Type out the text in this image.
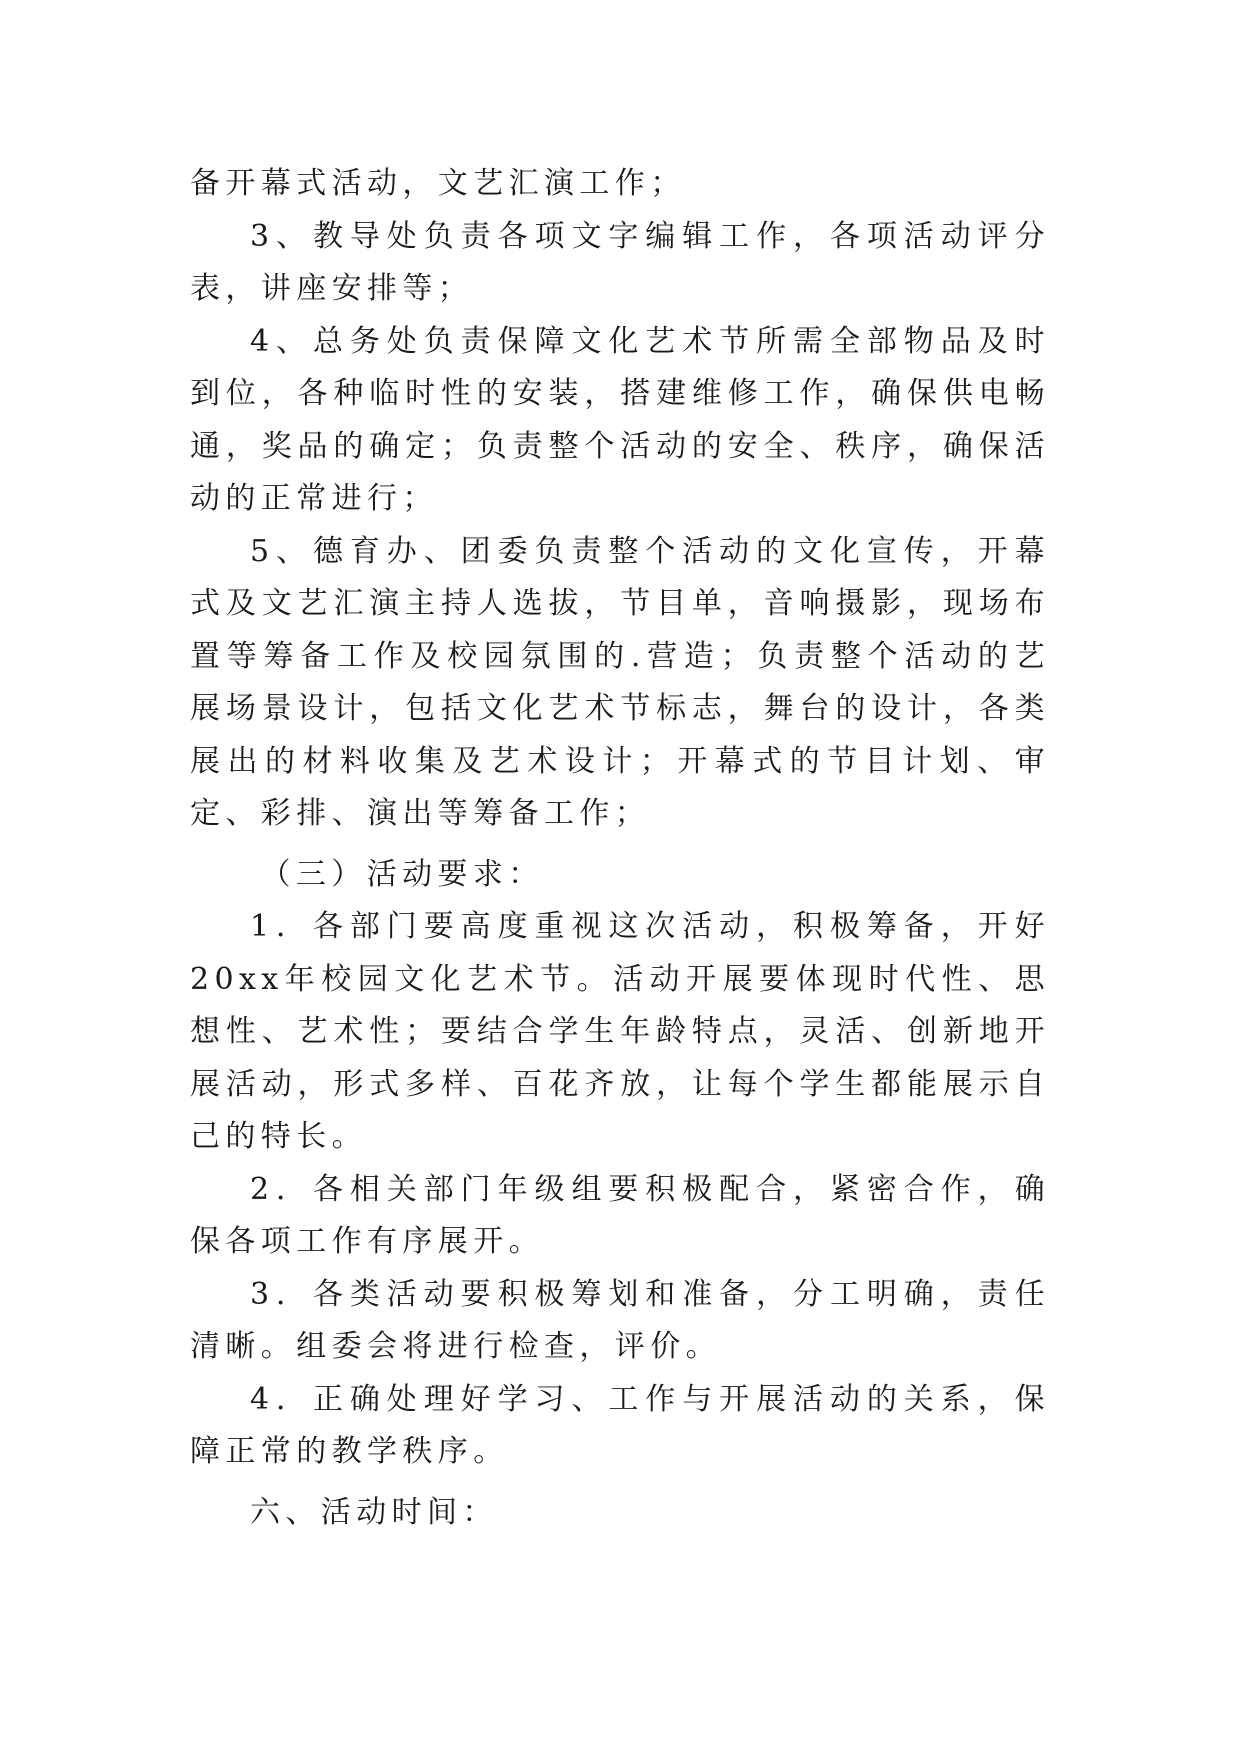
备开幕式活动，文艺汇演工作；

3、教导处负责各项文字编辑工作，各项活动评分表，讲座安排等；

4、总务处负责保障文化艺术节所需全部物品及时到位，各种临时性的安装，搭建维修工作，确保供电畅通，奖品的确定；负责整个活动的安全、秩序，确保活动的正常进行；

5、德育办、团委负责整个活动的文化宣传，开幕式及文艺汇演主持人选拔，节目单，音响摄影，现场布置等筹备工作及校园氛围的.营造；负责整个活动的艺展场景设计，包括文化艺术节标志，舞台的设计，各类展出的材料收集及艺术设计；开幕式的节目计划、审定、彩排、演出等筹备工作；

（三）活动要求：

1．各部门要高度重视这次活动，积极筹备，开好20xx年校园文化艺术节。活动开展要体现时代性、思想性、艺术性；要结合学生年龄特点，灵活、创新地开展活动，形式多样、百花齐放，让每个学生都能展示自己的特长。

2．各相关部门年级组要积极配合，紧密合作，确保各项工作有序展开。

3．各类活动要积极筹划和准备，分工明确，责任清晰。组委会将进行检查，评价。

4．正确处理好学习、工作与开展活动的关系，保障正常的教学秩序。

六、活动时间：
